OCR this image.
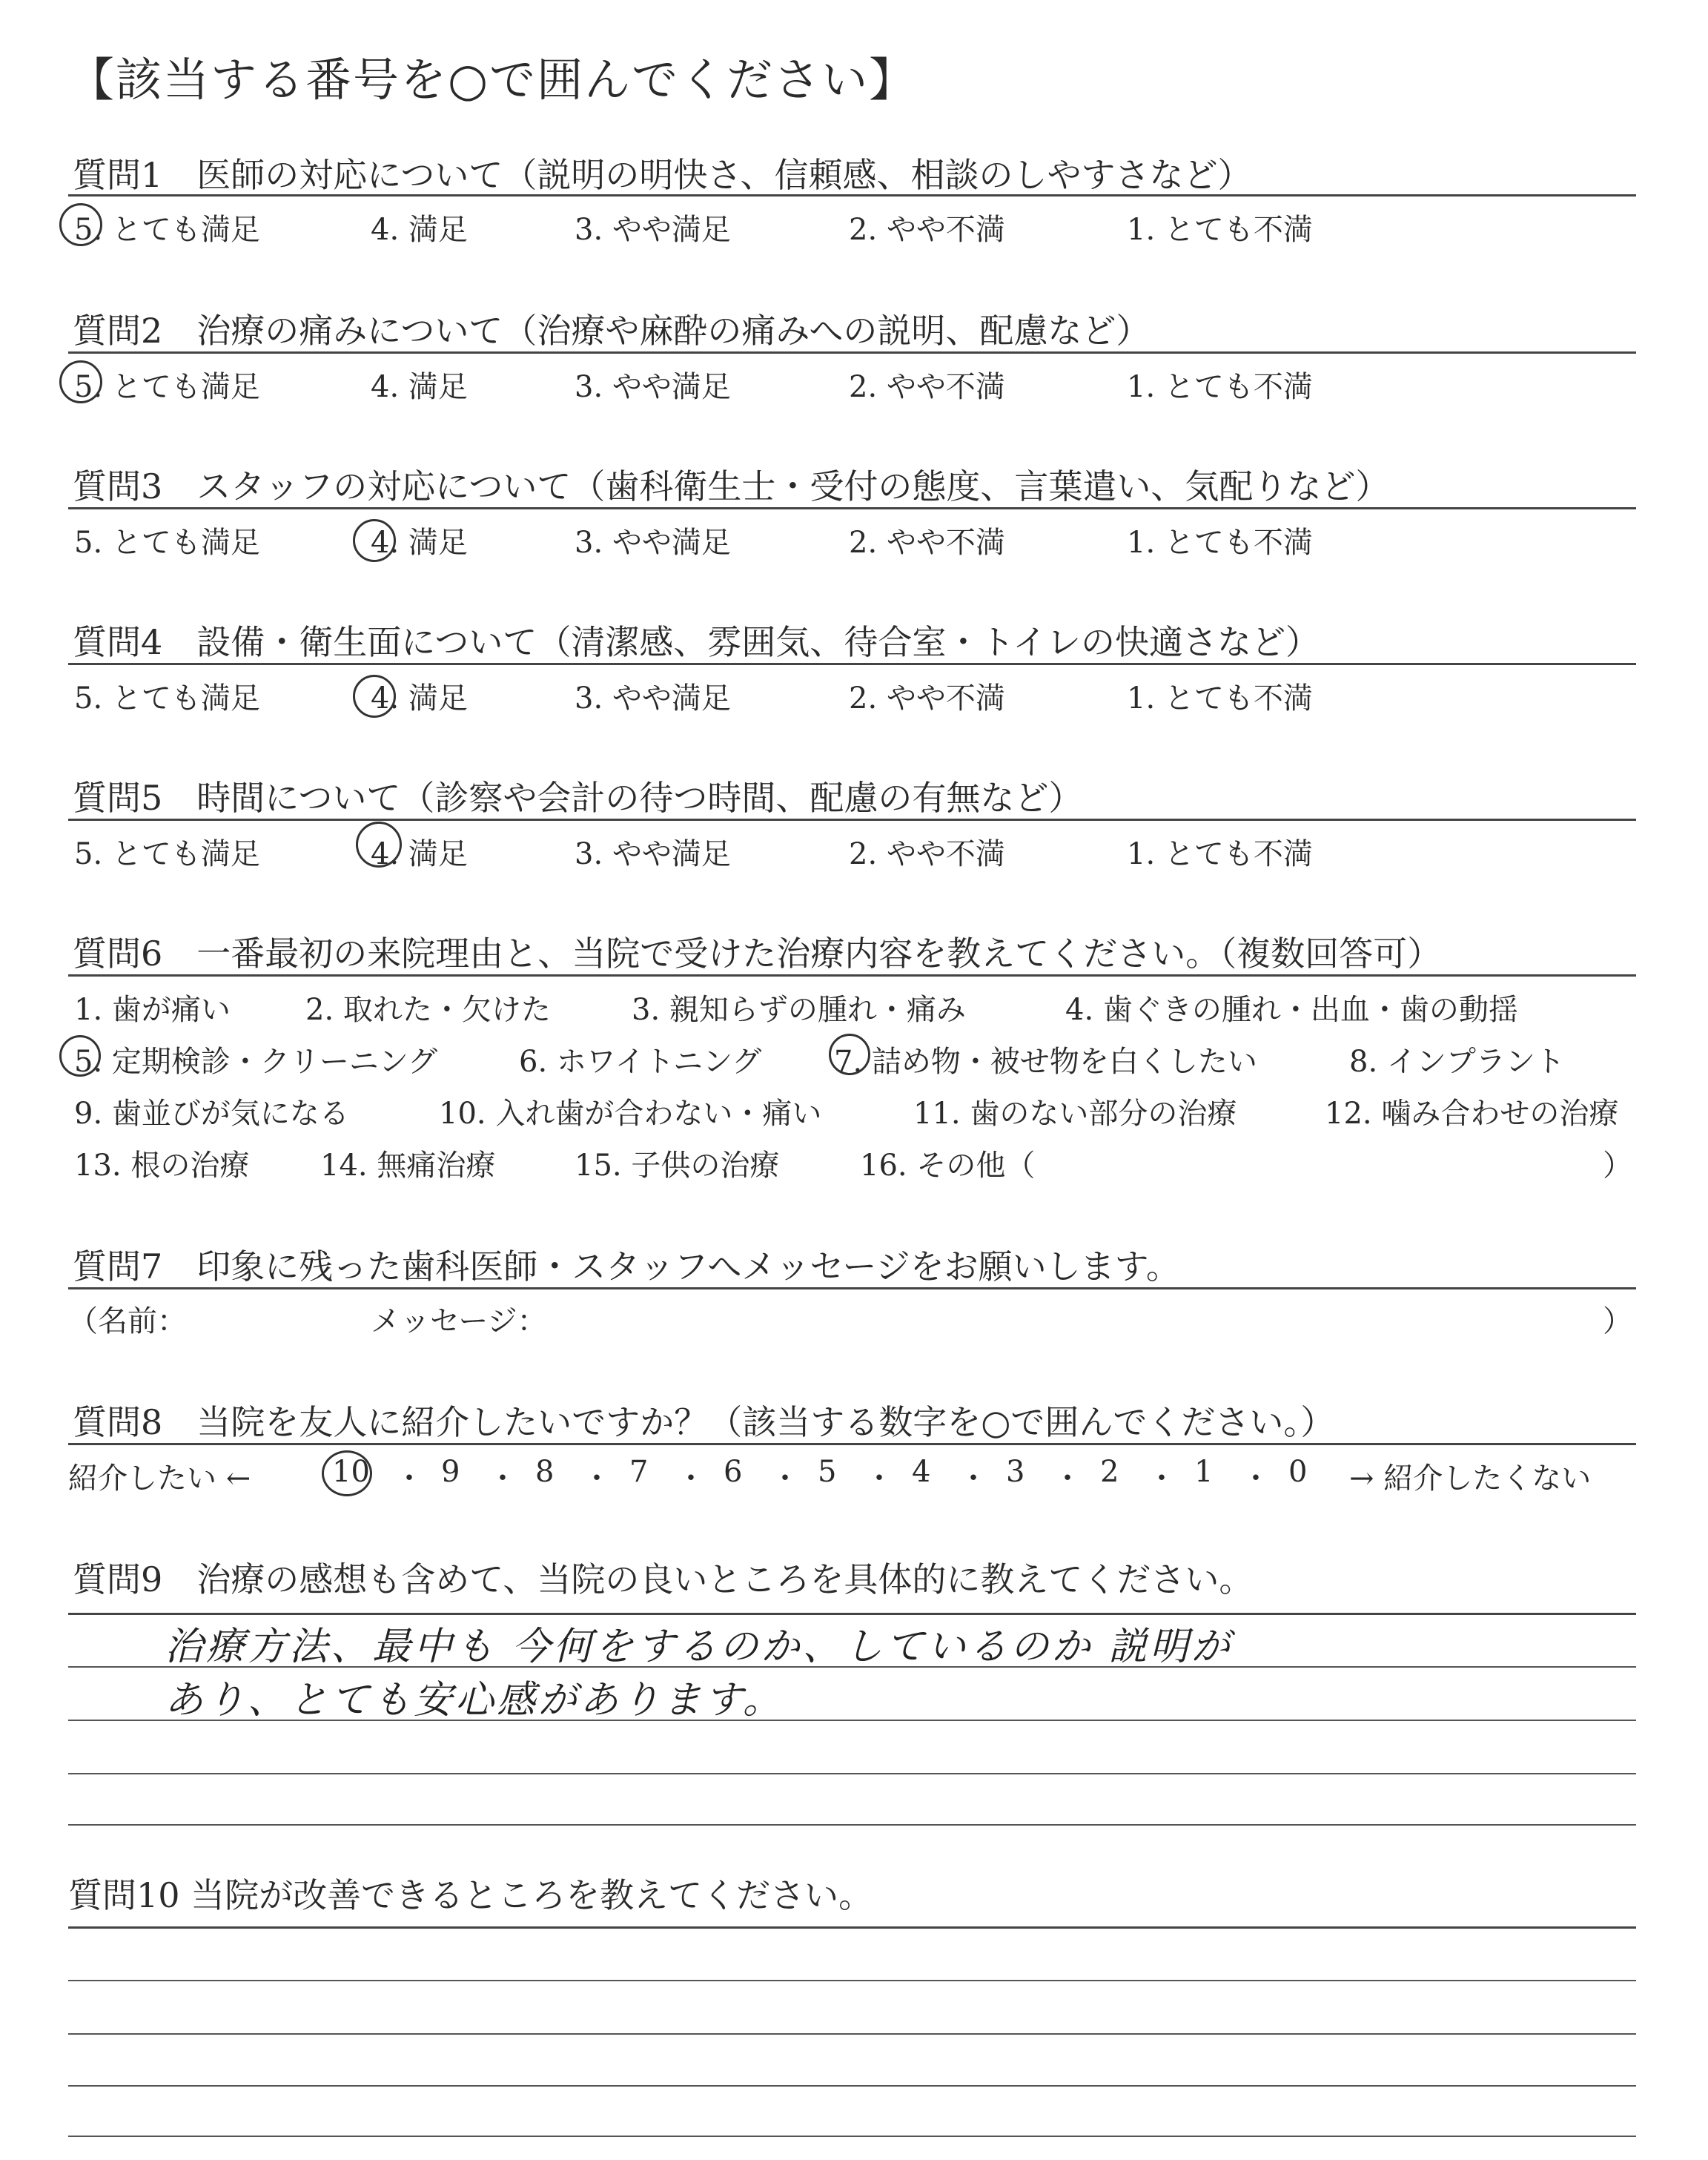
【該当する番号を○で囲んでください】
質問1　医師の対応について（説明の明快さ、信頼感、相談のしやすさなど）
5. とても満足	4. 満足	3. やや満足	2. やや不満	1. とても不満
質問2　治療の痛みについて（治療や麻酔の痛みへの説明、配慮など）
5. とても満足	4. 満足	3. やや満足	2. やや不満	1. とても不満
質問3　スタッフの対応について（歯科衛生士・受付の態度、言葉遣い、気配りなど）
5. とても満足	4. 満足	3. やや満足	2. やや不満	1. とても不満
質問4　設備・衛生面について（清潔感、雰囲気、待合室・トイレの快適さなど）
5. とても満足	4. 満足	3. やや満足	2. やや不満	1. とても不満
質問5　時間について（診察や会計の待つ時間、配慮の有無など）
5. とても満足	4. 満足	3. やや満足	2. やや不満	1. とても不満
質問6　一番最初の来院理由と、当院で受けた治療内容を教えてください。（複数回答可）
1. 歯が痛い	2. 取れた・欠けた	3. 親知らずの腫れ・痛み	4. 歯ぐきの腫れ・出血・歯の動揺
5. 定期検診・クリーニング	6. ホワイトニング 7. 詰め物・被せ物を白くしたい	8. インプラント
9. 歯並びが気になる	10. 入れ歯が合わない・痛い	11. 歯のない部分の治療	12. 噛み合わせの治療
13. 根の治療 14. 無痛治療	15. 子供の治療	16. その他（	）
質問7　印象に残った歯科医師・スタッフへメッセージをお願いします。
（名前：	メッセージ：	）
質問8　当院を友人に紹介したいですか？（該当する数字を○で囲んでください。）
紹介したい ←	10 ・ 9 ・ 8 ・ 7 ・ 6 ・ 5 ・ 4 ・ 3 ・ 2 ・ 1 ・ 0 → 紹介したくない
質問9　治療の感想も含めて、当院の良いところを具体的に教えてください。
治療方法、最中も 今何をするのか、しているのか 説明が
あり、とても安心感があります。
質問10 当院が改善できるところを教えてください。
